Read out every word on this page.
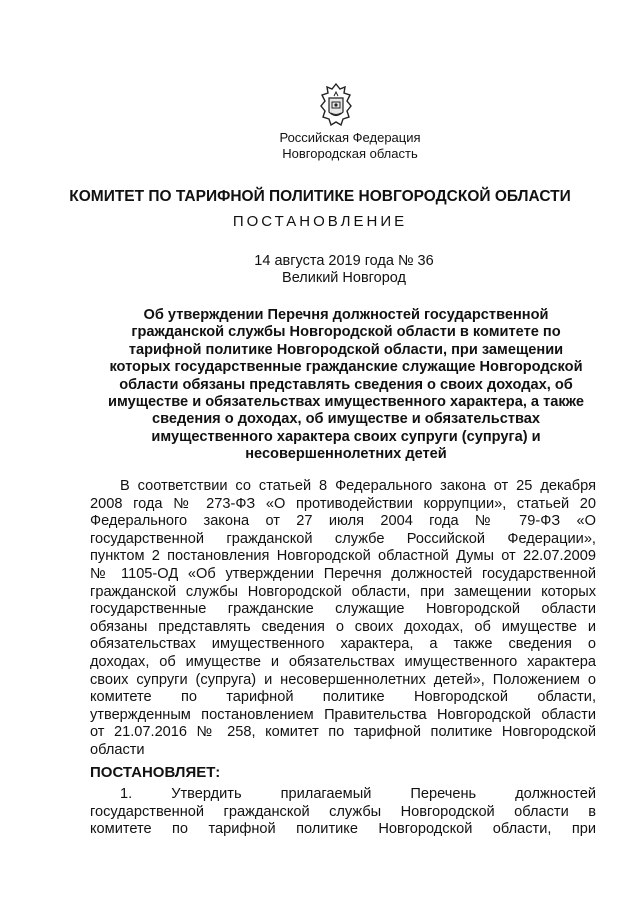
Российская Федерация
Новгородская область
КОМИТЕТ ПО ТАРИФНОЙ ПОЛИТИКЕ НОВГОРОДСКОЙ ОБЛАСТИ
ПОСТАНОВЛЕНИЕ
14 августа 2019 года № 36
Великий Новгород
Об утверждении Перечня должностей государственной
гражданской службы Новгородской области в комитете по
тарифной политике Новгородской области, при замещении
которых государственные гражданские служащие Новгородской
области обязаны представлять сведения о своих доходах, об
имуществе и обязательствах имущественного характера, а также
сведения о доходах, об имуществе и обязательствах
имущественного характера своих супруги (супруга) и
несовершеннолетних детей
В соответствии со статьей 8 Федерального закона от 25 декабря
2008 года № 273-ФЗ «О противодействии коррупции», статьей 20
Федерального закона от 27 июля 2004 года № 79-ФЗ «О
государственной гражданской службе Российской Федерации»,
пунктом 2 постановления Новгородской областной Думы от 22.07.2009
№ 1105-ОД «Об утверждении Перечня должностей государственной
гражданской службы Новгородской области, при замещении которых
государственные гражданские служащие Новгородской области
обязаны представлять сведения о своих доходах, об имуществе и
обязательствах имущественного характера, а также сведения о
доходах, об имуществе и обязательствах имущественного характера
своих супруги (супруга) и несовершеннолетних детей», Положением о
комитете по тарифной политике Новгородской области,
утвержденным постановлением Правительства Новгородской области
от 21.07.2016 № 258, комитет по тарифной политике Новгородской
области
ПОСТАНОВЛЯЕТ:
1. Утвердить прилагаемый Перечень должностей
государственной гражданской службы Новгородской области в
комитете по тарифной политике Новгородской области, при
